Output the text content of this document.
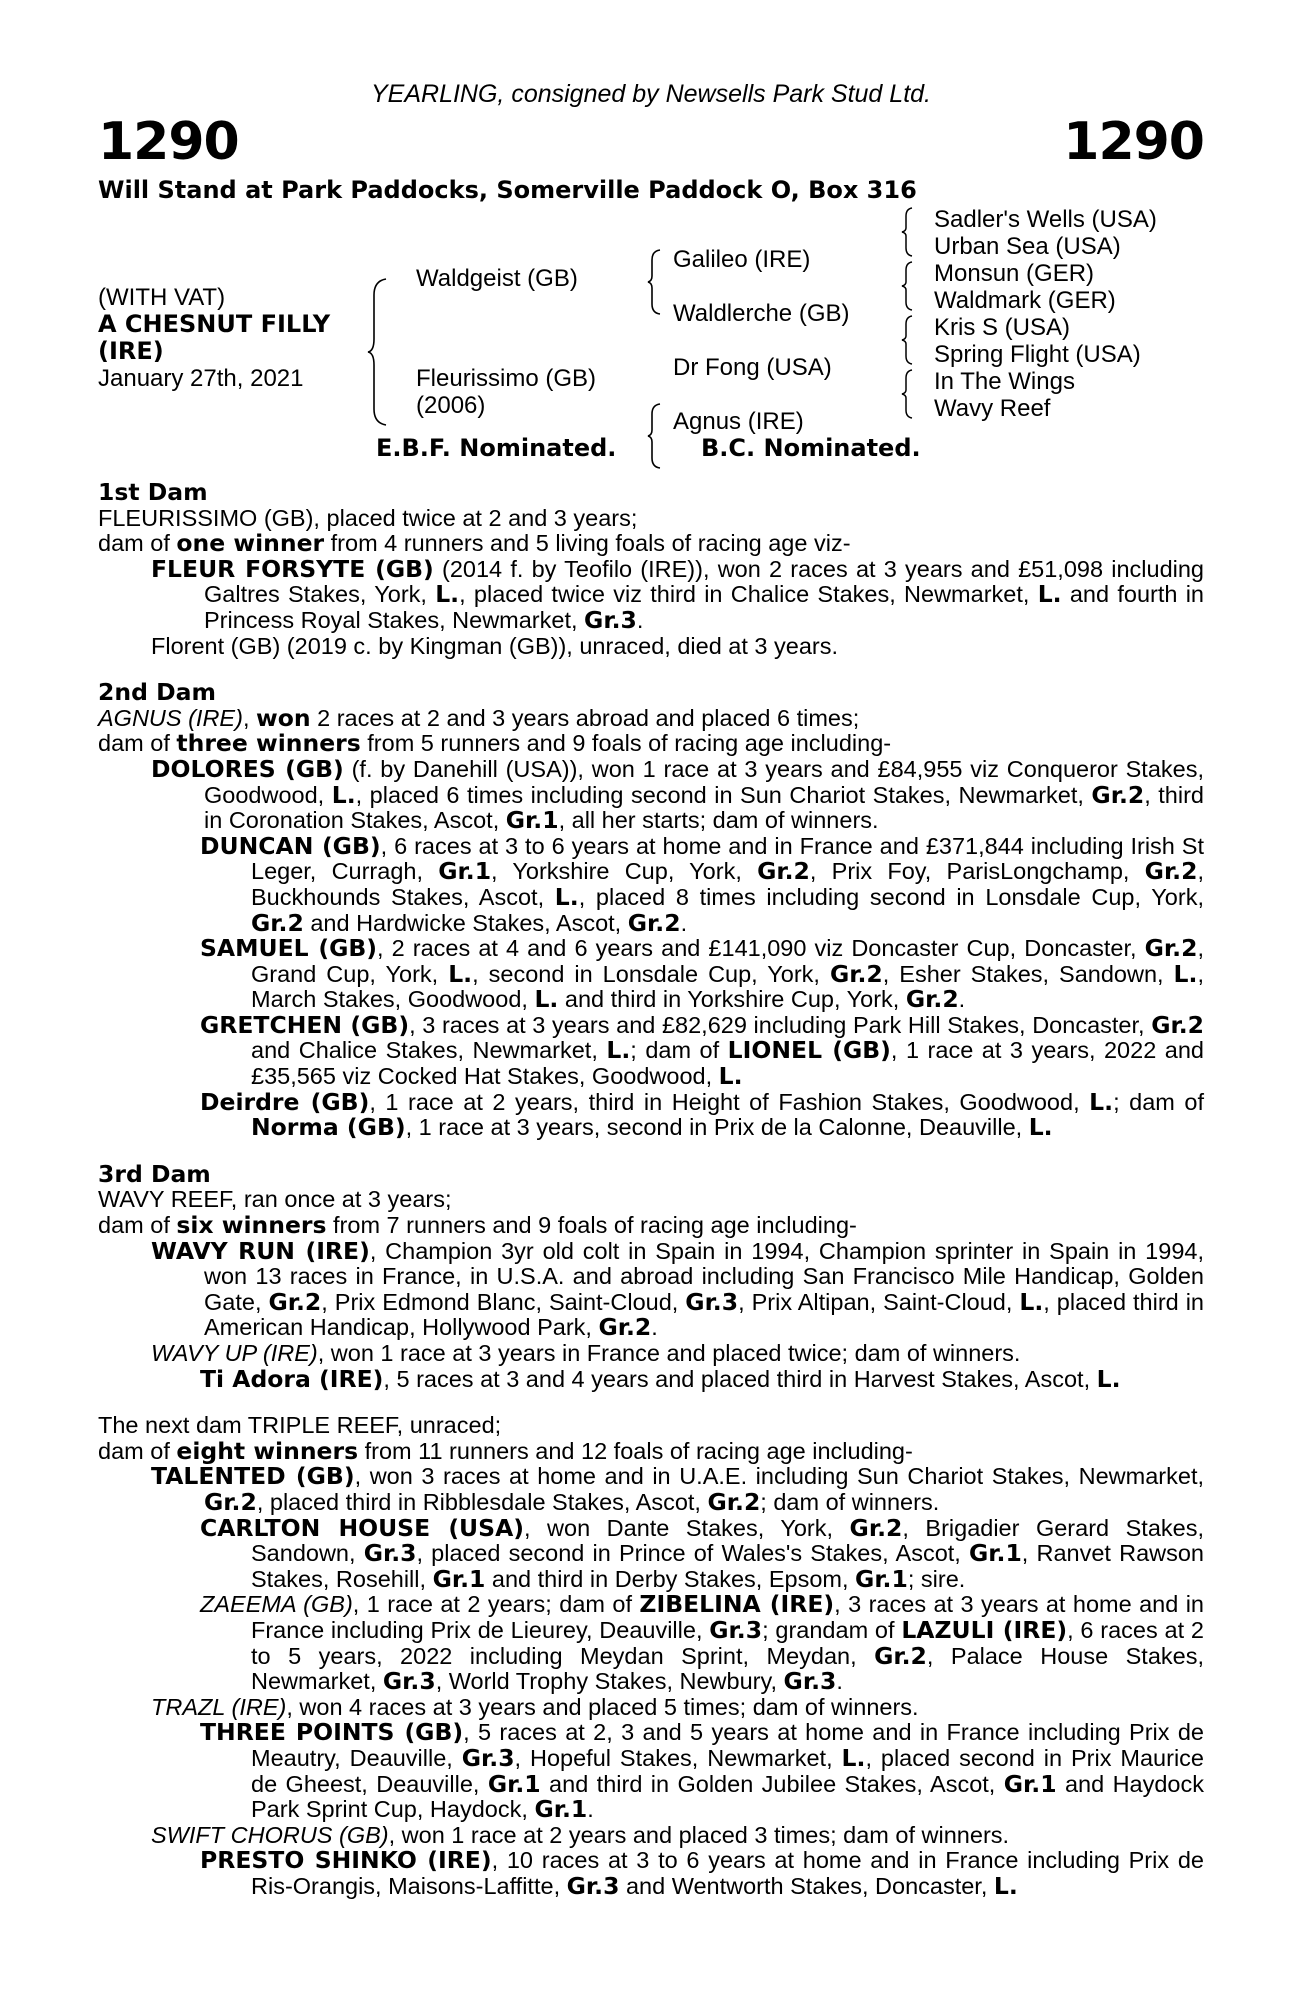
YEARLING, consigned by Newsells Park Stud Ltd.
1290	1290
Will Stand at Park Paddocks, Somerville Paddock O, Box 316
(WITH VAT)
A CHESNUT FILLY
(IRE)
January 27th, 2021
Waldgeist (GB)
Fleurissimo (GB)
(2006)
Galileo (IRE)
Waldlerche (GB)
Dr Fong (USA)
Agnus (IRE)
Sadler's Wells (USA)
Urban Sea (USA)
Monsun (GER)
Waldmark (GER)
Kris S (USA)
Spring Flight (USA)
In The Wings
Wavy Reef
E.B.F. Nominated.	B.C. Nominated.
1st Dam
FLEURISSIMO (GB), placed twice at 2 and 3 years;
dam of one winner from 4 runners and 5 living foals of racing age viz-
FLEUR FORSYTE (GB) (2014 f. by Teofilo (IRE)), won 2 races at 3 years and £51,098 including Galtres Stakes, York, L., placed twice viz third in Chalice Stakes, Newmarket, L. and fourth in Princess Royal Stakes, Newmarket, Gr.3.
Florent (GB) (2019 c. by Kingman (GB)), unraced, died at 3 years.
2nd Dam
AGNUS (IRE), won 2 races at 2 and 3 years abroad and placed 6 times;
dam of three winners from 5 runners and 9 foals of racing age including-
DOLORES (GB) (f. by Danehill (USA)), won 1 race at 3 years and £84,955 viz Conqueror Stakes, Goodwood, L., placed 6 times including second in Sun Chariot Stakes, Newmarket, Gr.2, third in Coronation Stakes, Ascot, Gr.1, all her starts; dam of winners.
DUNCAN (GB), 6 races at 3 to 6 years at home and in France and £371,844 including Irish St Leger, Curragh, Gr.1, Yorkshire Cup, York, Gr.2, Prix Foy, ParisLongchamp, Gr.2, Buckhounds Stakes, Ascot, L., placed 8 times including second in Lonsdale Cup, York, Gr.2 and Hardwicke Stakes, Ascot, Gr.2.
SAMUEL (GB), 2 races at 4 and 6 years and £141,090 viz Doncaster Cup, Doncaster, Gr.2, Grand Cup, York, L., second in Lonsdale Cup, York, Gr.2, Esher Stakes, Sandown, L., March Stakes, Goodwood, L. and third in Yorkshire Cup, York, Gr.2.
GRETCHEN (GB), 3 races at 3 years and £82,629 including Park Hill Stakes, Doncaster, Gr.2 and Chalice Stakes, Newmarket, L.; dam of LIONEL (GB), 1 race at 3 years, 2022 and £35,565 viz Cocked Hat Stakes, Goodwood, L.
Deirdre (GB), 1 race at 2 years, third in Height of Fashion Stakes, Goodwood, L.; dam of Norma (GB), 1 race at 3 years, second in Prix de la Calonne, Deauville, L.
3rd Dam
WAVY REEF, ran once at 3 years;
dam of six winners from 7 runners and 9 foals of racing age including-
WAVY RUN (IRE), Champion 3yr old colt in Spain in 1994, Champion sprinter in Spain in 1994, won 13 races in France, in U.S.A. and abroad including San Francisco Mile Handicap, Golden Gate, Gr.2, Prix Edmond Blanc, Saint-Cloud, Gr.3, Prix Altipan, Saint-Cloud, L., placed third in American Handicap, Hollywood Park, Gr.2.
WAVY UP (IRE), won 1 race at 3 years in France and placed twice; dam of winners.
Ti Adora (IRE), 5 races at 3 and 4 years and placed third in Harvest Stakes, Ascot, L.
The next dam TRIPLE REEF, unraced;
dam of eight winners from 11 runners and 12 foals of racing age including-
TALENTED (GB), won 3 races at home and in U.A.E. including Sun Chariot Stakes, Newmarket, Gr.2, placed third in Ribblesdale Stakes, Ascot, Gr.2; dam of winners.
CARLTON HOUSE (USA), won Dante Stakes, York, Gr.2, Brigadier Gerard Stakes, Sandown, Gr.3, placed second in Prince of Wales's Stakes, Ascot, Gr.1, Ranvet Rawson Stakes, Rosehill, Gr.1 and third in Derby Stakes, Epsom, Gr.1; sire.
ZAEEMA (GB), 1 race at 2 years; dam of ZIBELINA (IRE), 3 races at 3 years at home and in France including Prix de Lieurey, Deauville, Gr.3; grandam of LAZULI (IRE), 6 races at 2 to 5 years, 2022 including Meydan Sprint, Meydan, Gr.2, Palace House Stakes, Newmarket, Gr.3, World Trophy Stakes, Newbury, Gr.3.
TRAZL (IRE), won 4 races at 3 years and placed 5 times; dam of winners.
THREE POINTS (GB), 5 races at 2, 3 and 5 years at home and in France including Prix de Meautry, Deauville, Gr.3, Hopeful Stakes, Newmarket, L., placed second in Prix Maurice de Gheest, Deauville, Gr.1 and third in Golden Jubilee Stakes, Ascot, Gr.1 and Haydock Park Sprint Cup, Haydock, Gr.1.
SWIFT CHORUS (GB), won 1 race at 2 years and placed 3 times; dam of winners.
PRESTO SHINKO (IRE), 10 races at 3 to 6 years at home and in France including Prix de Ris-Orangis, Maisons-Laffitte, Gr.3 and Wentworth Stakes, Doncaster, L.
